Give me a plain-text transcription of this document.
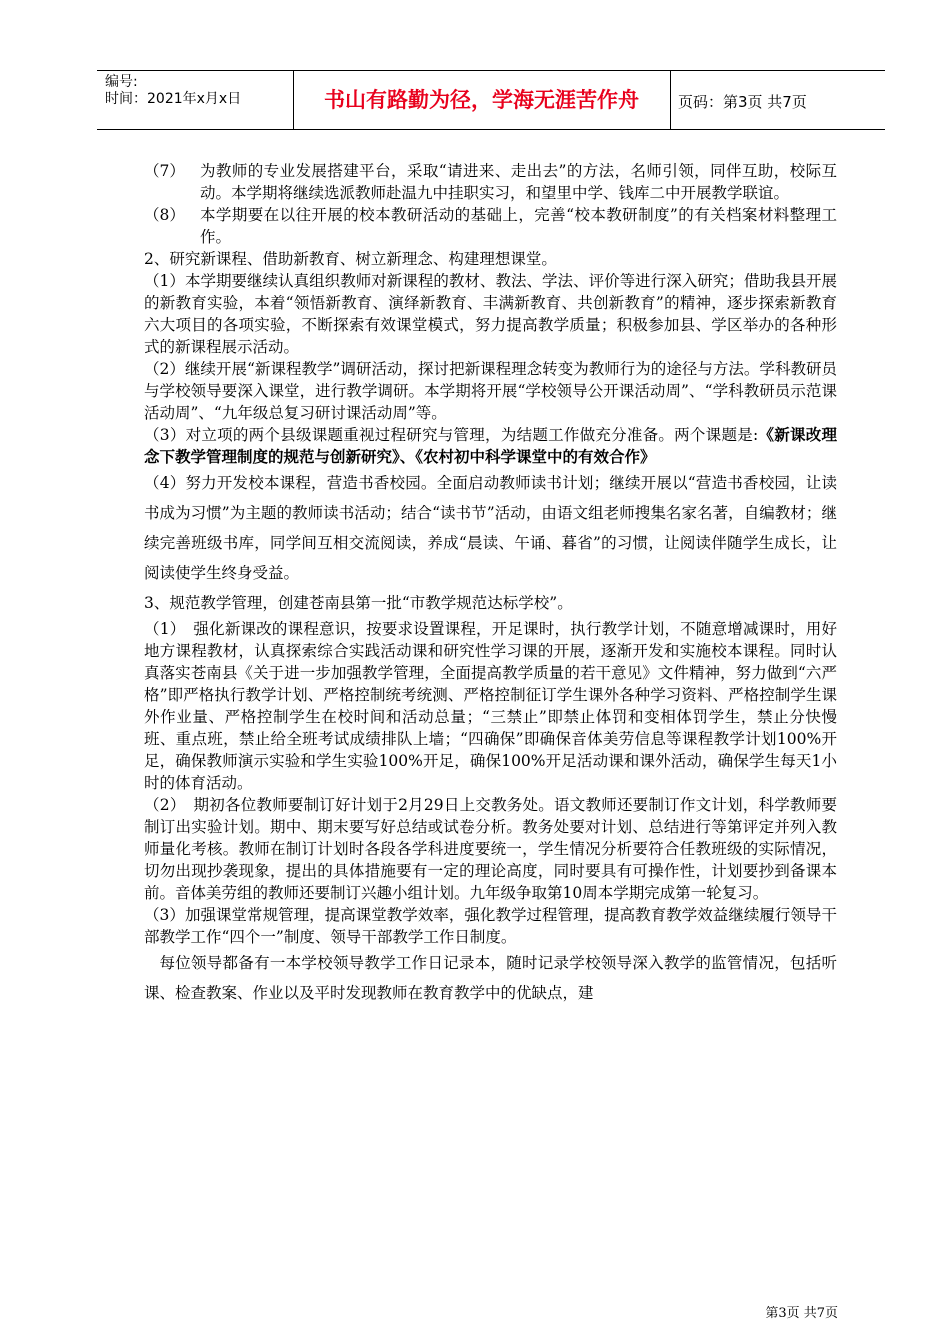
编号:
时间：2021年x月x日	书山有路勤为径，学海无涯苦作舟	页码：第3页 共7页
（7） 为教师的专业发展搭建平台，采取“请进来、走出去”的方法，名师引领，同伴互助，校际互动。本学期将继续选派教师赴温九中挂职实习，和望里中学、钱库二中开展教学联谊。
（8） 本学期要在以往开展的校本教研活动的基础上，完善“校本教研制度”的有关档案材料整理工作。

2、研究新课程、借助新教育、树立新理念、构建理想课堂。

（1）本学期要继续认真组织教师对新课程的教材、教法、学法、评价等进行深入研究；借助我县开展的新教育实验，本着“领悟新教育、演绎新教育、丰满新教育、共创新教育”的精神，逐步探索新教育六大项目的各项实验，不断探索有效课堂模式，努力提高教学质量；积极参加县、学区举办的各种形式的新课程展示活动。

（2）继续开展“新课程教学”调研活动，探讨把新课程理念转变为教师行为的途径与方法。学科教研员与学校领导要深入课堂，进行教学调研。本学期将开展“学校领导公开课活动周”、“学科教研员示范课活动周”、“九年级总复习研讨课活动周”等。

（3）对立项的两个县级课题重视过程研究与管理，为结题工作做充分准备。两个课题是:《新课改理念下教学管理制度的规范与创新研究》、《农村初中科学课堂中的有效合作》

（4）努力开发校本课程，营造书香校园。全面启动教师读书计划；继续开展以“营造书香校园，让读书成为习惯”为主题的教师读书活动；结合“读书节”活动，由语文组老师搜集名家名著，自编教材；继续完善班级书库，同学间互相交流阅读，养成“晨读、午诵、暮省”的习惯，让阅读伴随学生成长，让阅读使学生终身受益。

3、规范教学管理，创建苍南县第一批“市教学规范达标学校”。

（1）　强化新课改的课程意识，按要求设置课程，开足课时，执行教学计划，不随意增减课时，用好地方课程教材，认真探索综合实践活动课和研究性学习课的开展，逐渐开发和实施校本课程。同时认真落实苍南县《关于进一步加强教学管理，全面提高教学质量的若干意见》文件精神，努力做到“六严格”即严格执行教学计划、严格控制统考统测、严格控制征订学生课外各种学习资料、严格控制学生课外作业量、严格控制学生在校时间和活动总量；“三禁止”即禁止体罚和变相体罚学生，禁止分快慢班、重点班，禁止给全班考试成绩排队上墙；“四确保”即确保音体美劳信息等课程教学计划100%开足，确保教师演示实验和学生实验100%开足，确保100%开足活动课和课外活动，确保学生每天1小时的体育活动。

（2）　期初各位教师要制订好计划于2月29日上交教务处。语文教师还要制订作文计划，科学教师要制订出实验计划。期中、期末要写好总结或试卷分析。教务处要对计划、总结进行等第评定并列入教师量化考核。教师在制订计划时各段各学科进度要统一，学生情况分析要符合任教班级的实际情况，切勿出现抄袭现象，提出的具体措施要有一定的理论高度，同时要具有可操作性，计划要抄到备课本前。音体美劳组的教师还要制订兴趣小组计划。九年级争取第10周本学期完成第一轮复习。

（3）加强课堂常规管理，提高课堂教学效率，强化教学过程管理，提高教育教学效益继续履行领导干部教学工作“四个一”制度、领导干部教学工作日制度。

每位领导都备有一本学校领导教学工作日记录本，随时记录学校领导深入教学的监管情况，包括听课、检查教案、作业以及平时发现教师在教育教学中的优缺点，建

第3页 共7页
